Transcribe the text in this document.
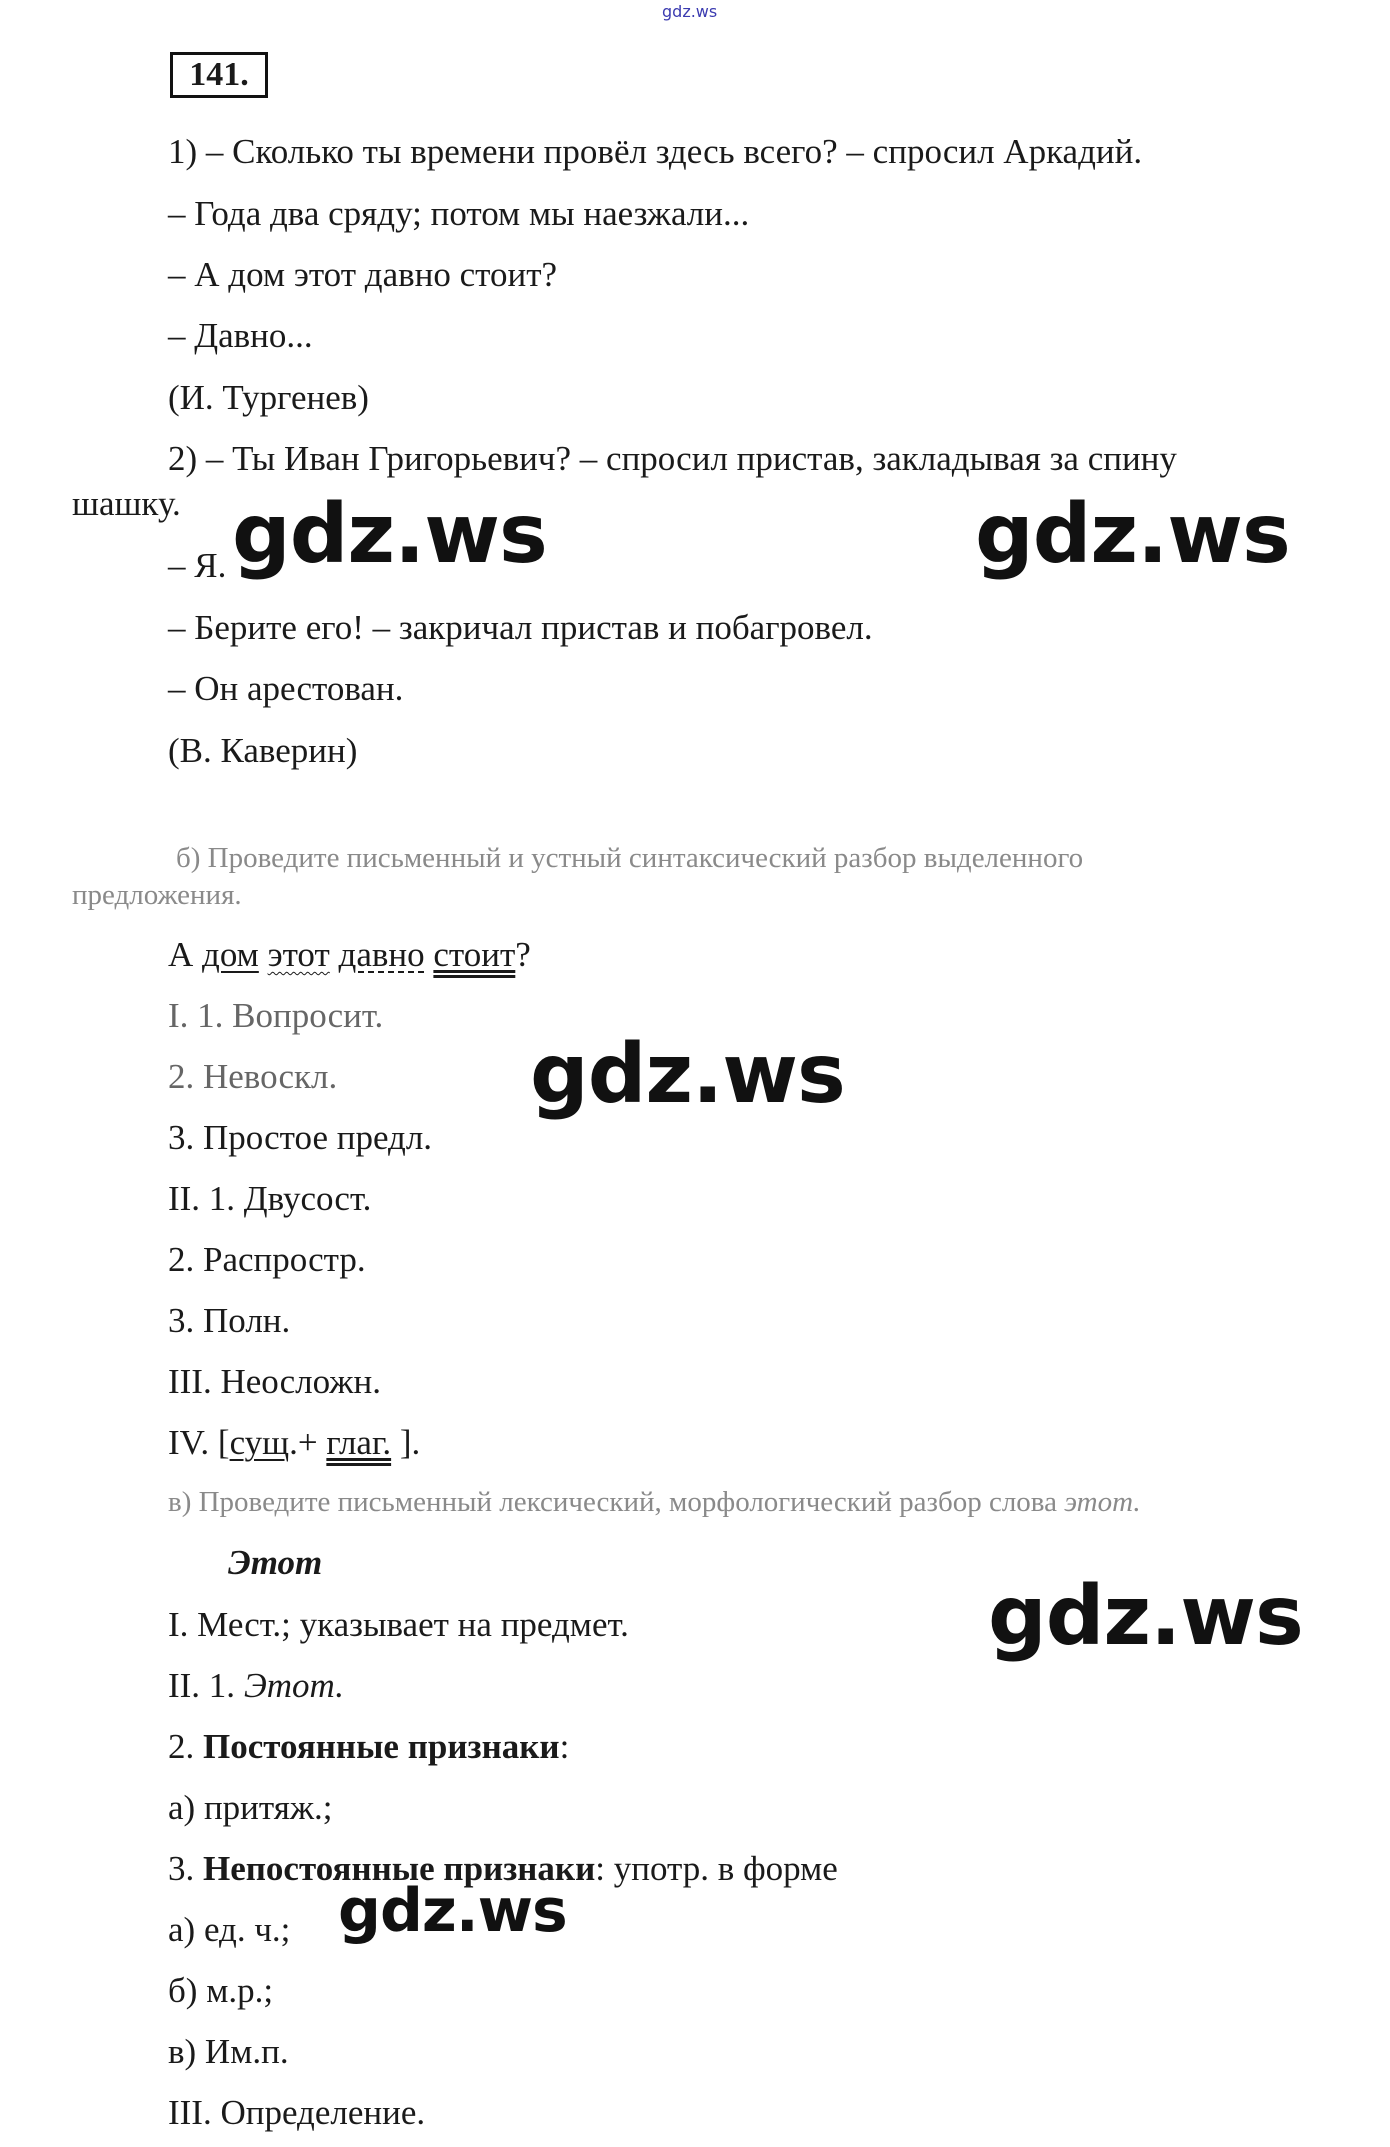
gdz.ws
141.
1) – Сколько ты времени провёл здесь всего? – спросил Аркадий.
– Года два сряду; потом мы наезжали...
– А дом этот давно стоит?
– Давно...
(И. Тургенев)
2) – Ты Иван Григорьевич? – спросил пристав, закладывая за спину
шашку.
– Я.
– Берите его! – закричал пристав и побагровел.
– Он арестован.
(В. Каверин)
б) Проведите письменный и устный синтаксический разбор выделенного
предложения.
А дом этот давно стоит?
I. 1. Вопросит.
2. Невоскл.
3. Простое предл.
II. 1. Двусост.
2. Распростр.
3. Полн.
III. Неосложн.
IV. [сущ.+ глаг. ].
в) Проведите письменный лексический, морфологический разбор слова этот.
Этот
I. Мест.; указывает на предмет.
II. 1. Этот.
2. Постоянные признаки:
а) притяж.;
3. Непостоянные признаки: употр. в форме
а) ед. ч.;
б) м.р.;
в) Им.п.
III. Определение.
gdz.ws	gdz.ws
gdz.ws
gdz.ws
gdz.ws
